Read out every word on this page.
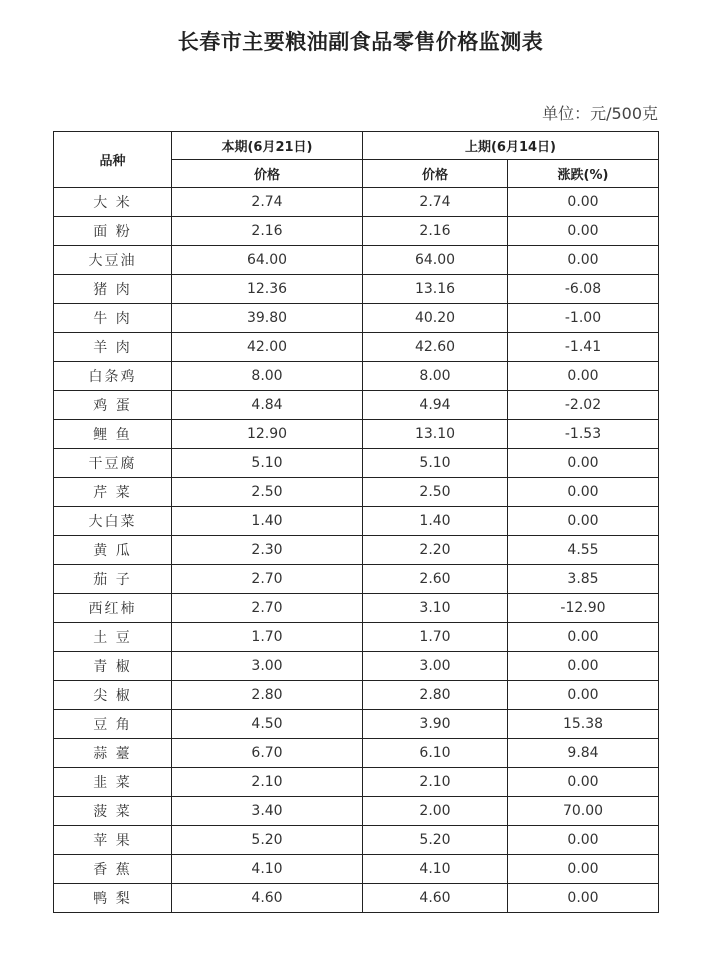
长春市主要粮油副食品零售价格监测表
单位：元/500克
品种	本期(6月21日)	上期(6月14日)	
	价格	价格	涨跌(%)
大 米	2.74	2.74	0.00
面 粉	2.16	2.16	0.00
大豆油	64.00	64.00	0.00
猪 肉	12.36	13.16	-6.08
牛 肉	39.80	40.20	-1.00
羊 肉	42.00	42.60	-1.41
白条鸡	8.00	8.00	0.00
鸡 蛋	4.84	4.94	-2.02
鲤 鱼	12.90	13.10	-1.53
干豆腐	5.10	5.10	0.00
芹 菜	2.50	2.50	0.00
大白菜	1.40	1.40	0.00
黄 瓜	2.30	2.20	4.55
茄 子	2.70	2.60	3.85
西红柿	2.70	3.10	-12.90
土 豆	1.70	1.70	0.00
青 椒	3.00	3.00	0.00
尖 椒	2.80	2.80	0.00
豆 角	4.50	3.90	15.38
蒜 薹	6.70	6.10	9.84
韭 菜	2.10	2.10	0.00
菠 菜	3.40	2.00	70.00
苹 果	5.20	5.20	0.00
香 蕉	4.10	4.10	0.00
鸭 梨	4.60	4.60	0.00
